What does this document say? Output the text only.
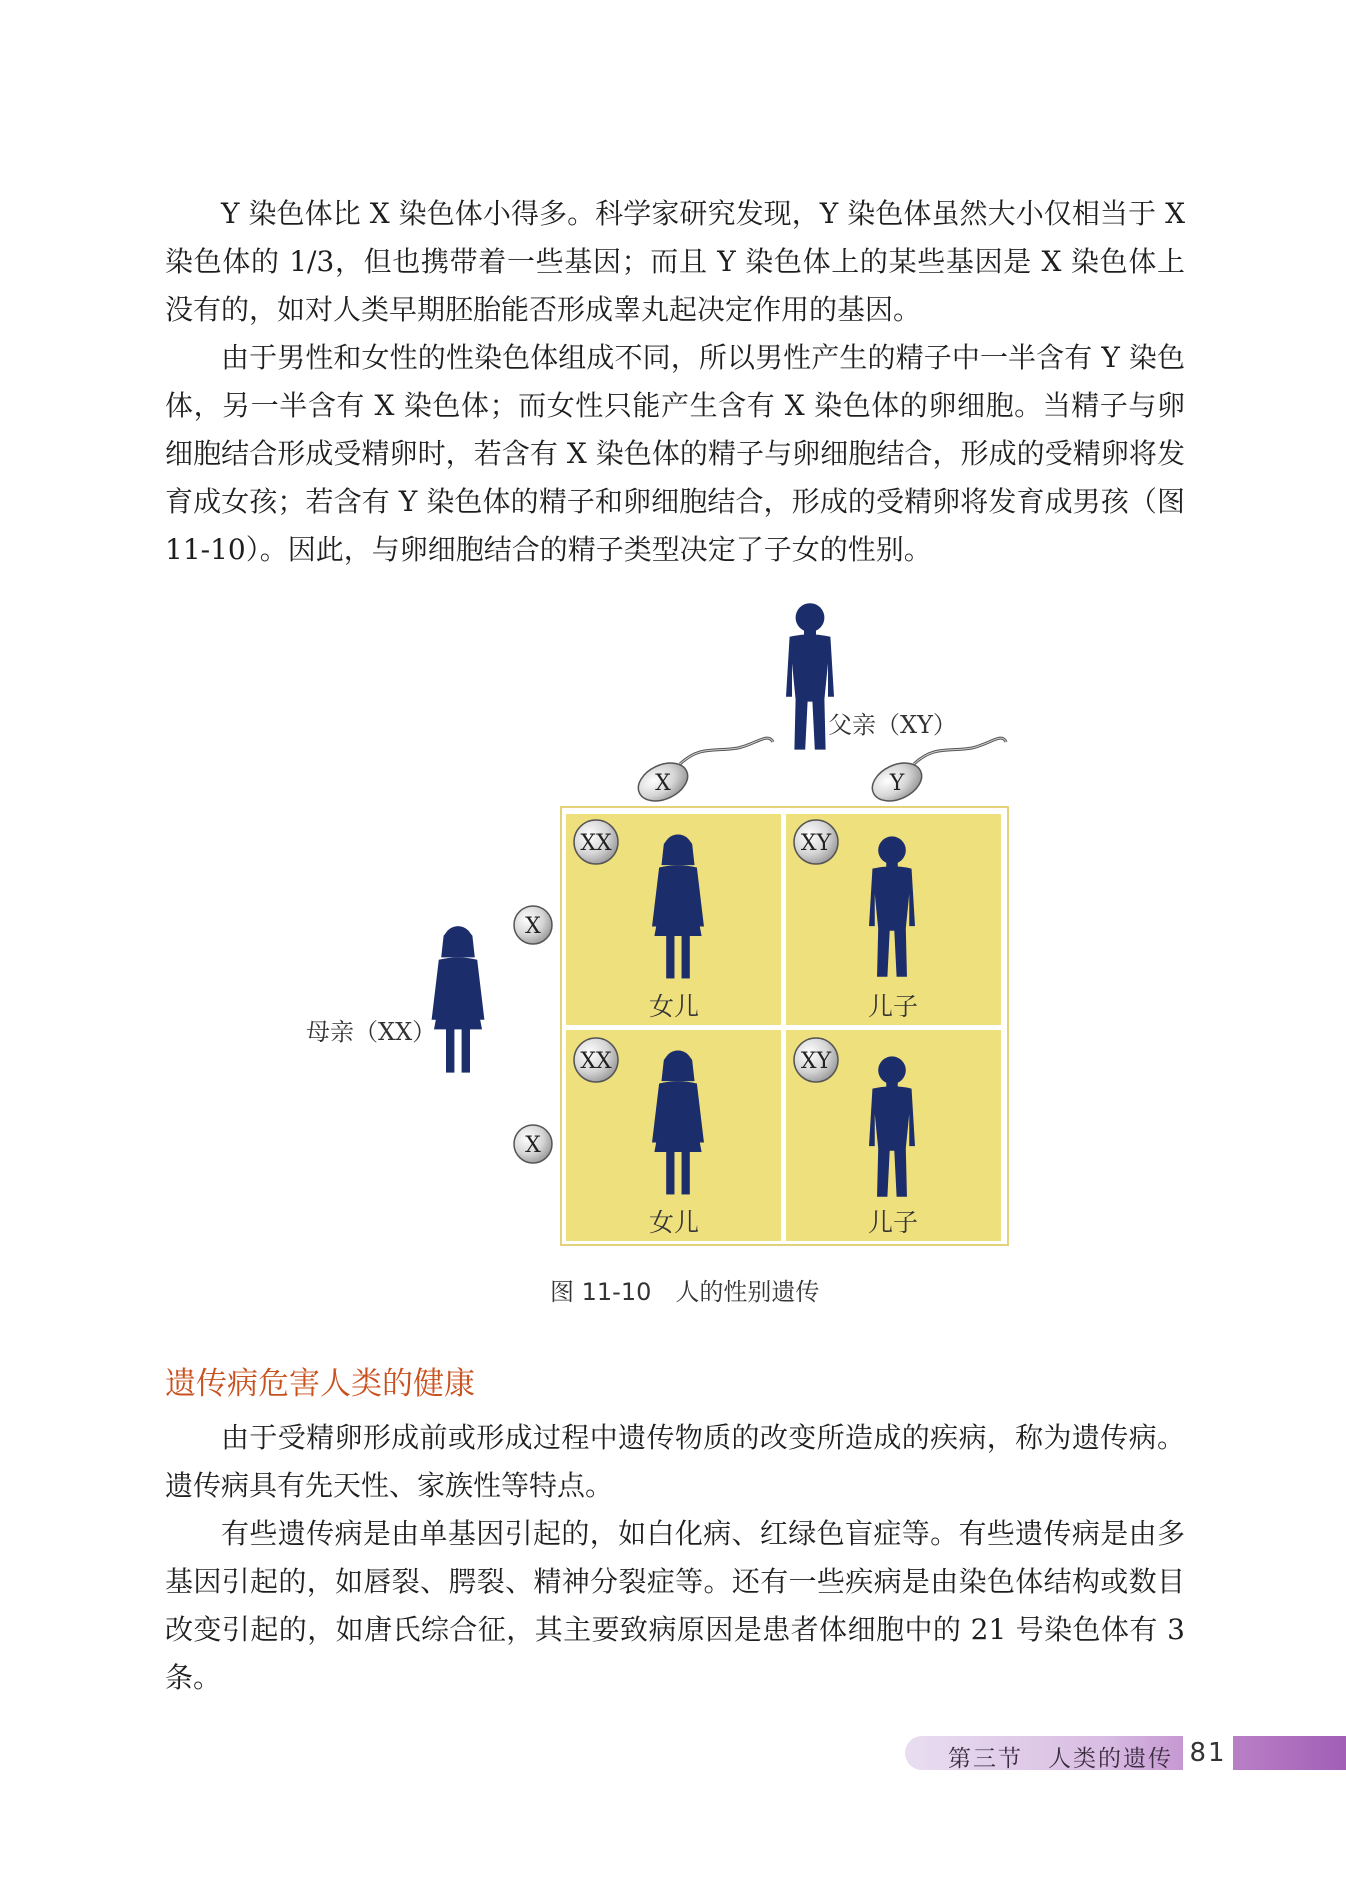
Y 染色体比 X 染色体小得多。科学家研究发现，Y 染色体虽然大小仅相当于 X 染色体的 1/3，但也携带着一些基因；而且 Y 染色体上的某些基因是 X 染色体上没有的，如对人类早期胚胎能否形成睾丸起决定作用的基因。

由于男性和女性的性染色体组成不同，所以男性产生的精子中一半含有 Y 染色体，另一半含有 X 染色体；而女性只能产生含有 X 染色体的卵细胞。当精子与卵细胞结合形成受精卵时，若含有 X 染色体的精子与卵细胞结合，形成的受精卵将发育成女孩；若含有 Y 染色体的精子和卵细胞结合，形成的受精卵将发育成男孩（图 11-10）。因此，与卵细胞结合的精子类型决定了子女的性别。

父亲（XY）
X	Y
母亲（XX）
X
X
XX
女儿
XY
儿子
XX
女儿
XY
儿子
图 11-10　人的性别遗传
遗传病危害人类的健康

由于受精卵形成前或形成过程中遗传物质的改变所造成的疾病，称为遗传病。遗传病具有先天性、家族性等特点。

有些遗传病是由单基因引起的，如白化病、红绿色盲症等。有些遗传病是由多基因引起的，如唇裂、腭裂、精神分裂症等。还有一些疾病是由染色体结构或数目改变引起的，如唐氏综合征，其主要致病原因是患者体细胞中的 21 号染色体有 3 条。

第三节　人类的遗传 81
